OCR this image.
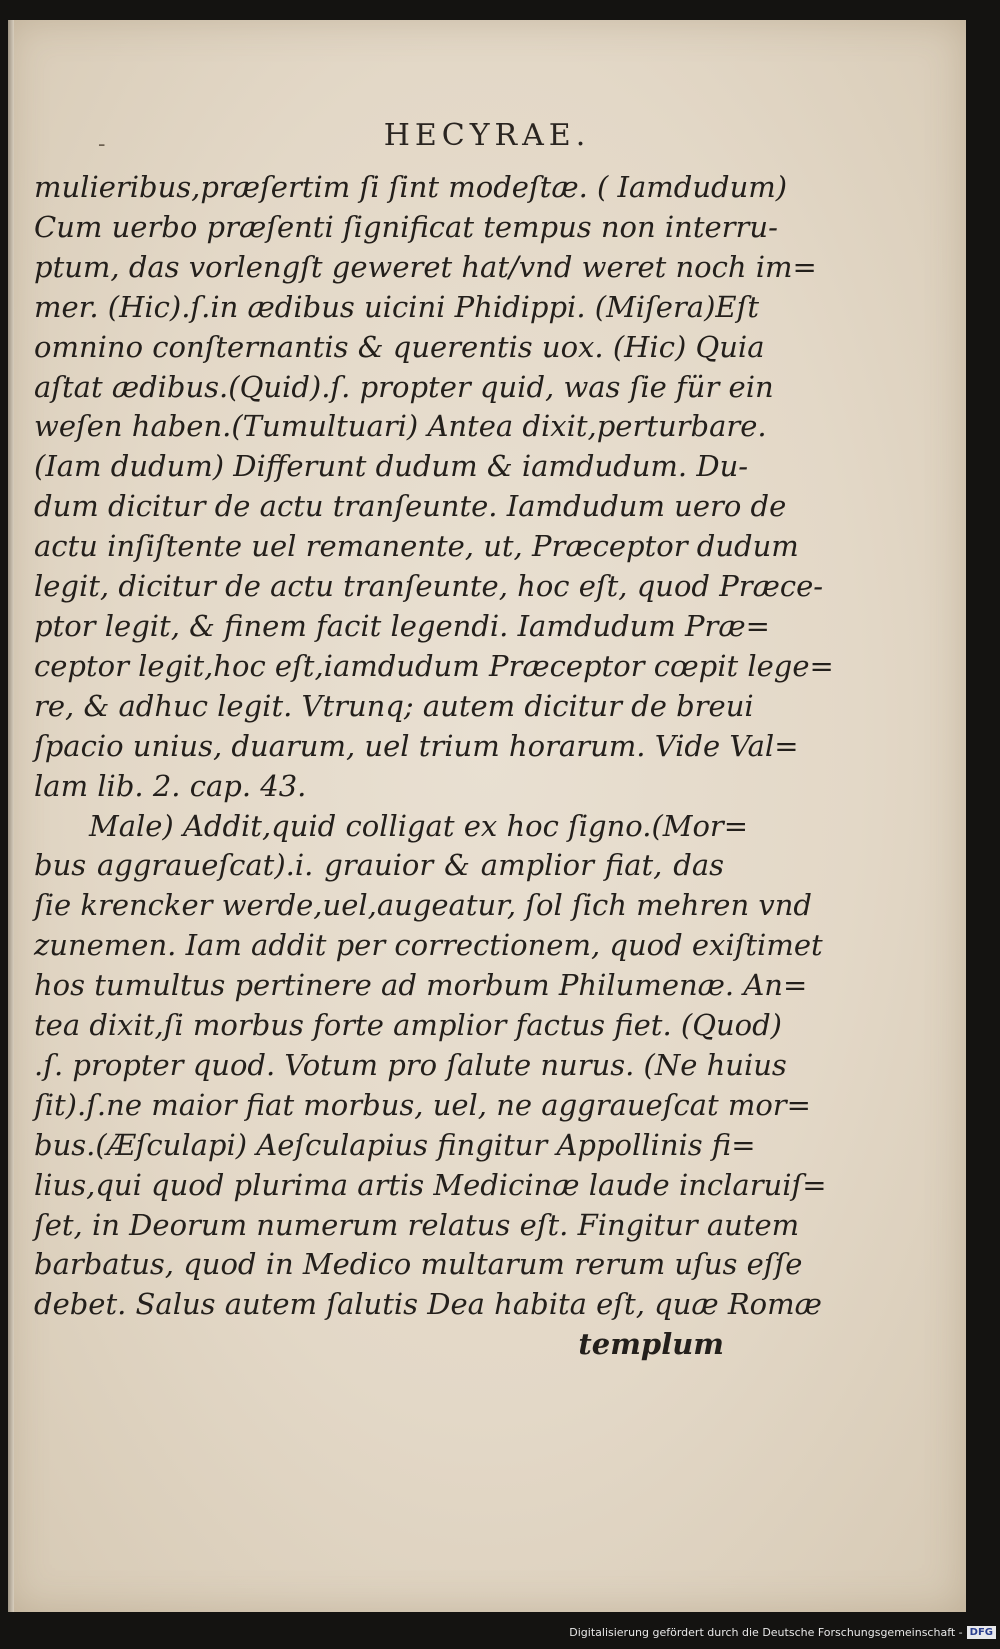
-	HECYRAE.
mulieribus,præſertim ſi ſint modeſtæ. ( Iamdudum)
Cum uerbo præſenti ſignificat tempus non interru-
ptum, das vorlengſt geweret hat/vnd weret noch im=
mer. (Hic).ſ.in ædibus uicini Phidippi. (Miſera)Eſt
omnino conſternantis & querentis uox. (Hic) Quia
aſtat ædibus.(Quid).ſ. propter quid, was ſie für ein
weſen haben.(Tumultuari) Antea dixit,perturbare.
(Iam dudum) Differunt dudum & iamdudum. Du-
dum dicitur de actu tranſeunte. Iamdudum uero de
actu inſiſtente uel remanente, ut, Præceptor dudum
legit, dicitur de actu tranſeunte, hoc eſt, quod Præce-
ptor legit, & finem facit legendi. Iamdudum Præ=
ceptor legit,hoc eſt,iamdudum Præceptor cœpit lege=
re, & adhuc legit. Vtrunq; autem dicitur de breui
ſpacio unius, duarum, uel trium horarum. Vide Val=
lam lib. 2. cap. 43.
Male) Addit,quid colligat ex hoc ſigno.(Mor=
bus aggraueſcat).i. grauior & amplior fiat, das
ſie krencker werde,uel,augeatur, ſol ſich mehren vnd
zunemen. Iam addit per correctionem, quod exiſtimet
hos tumultus pertinere ad morbum Philumenæ. An=
tea dixit,ſi morbus forte amplior factus fiet. (Quod)
.ſ. propter quod. Votum pro ſalute nurus. (Ne huius
ſit).ſ.ne maior fiat morbus, uel, ne aggraueſcat mor=
bus.(Æſculapi) Aeſculapius fingitur Appollinis fi=
lius,qui quod plurima artis Medicinæ laude inclaruiſ=
ſet, in Deorum numerum relatus eſt. Fingitur autem
barbatus, quod in Medico multarum rerum uſus eſſe
debet. Salus autem ſalutis Dea habita eſt, quæ Romæ
templum
Digitalisierung gefördert durch die Deutsche Forschungsgemeinschaft - DFG
